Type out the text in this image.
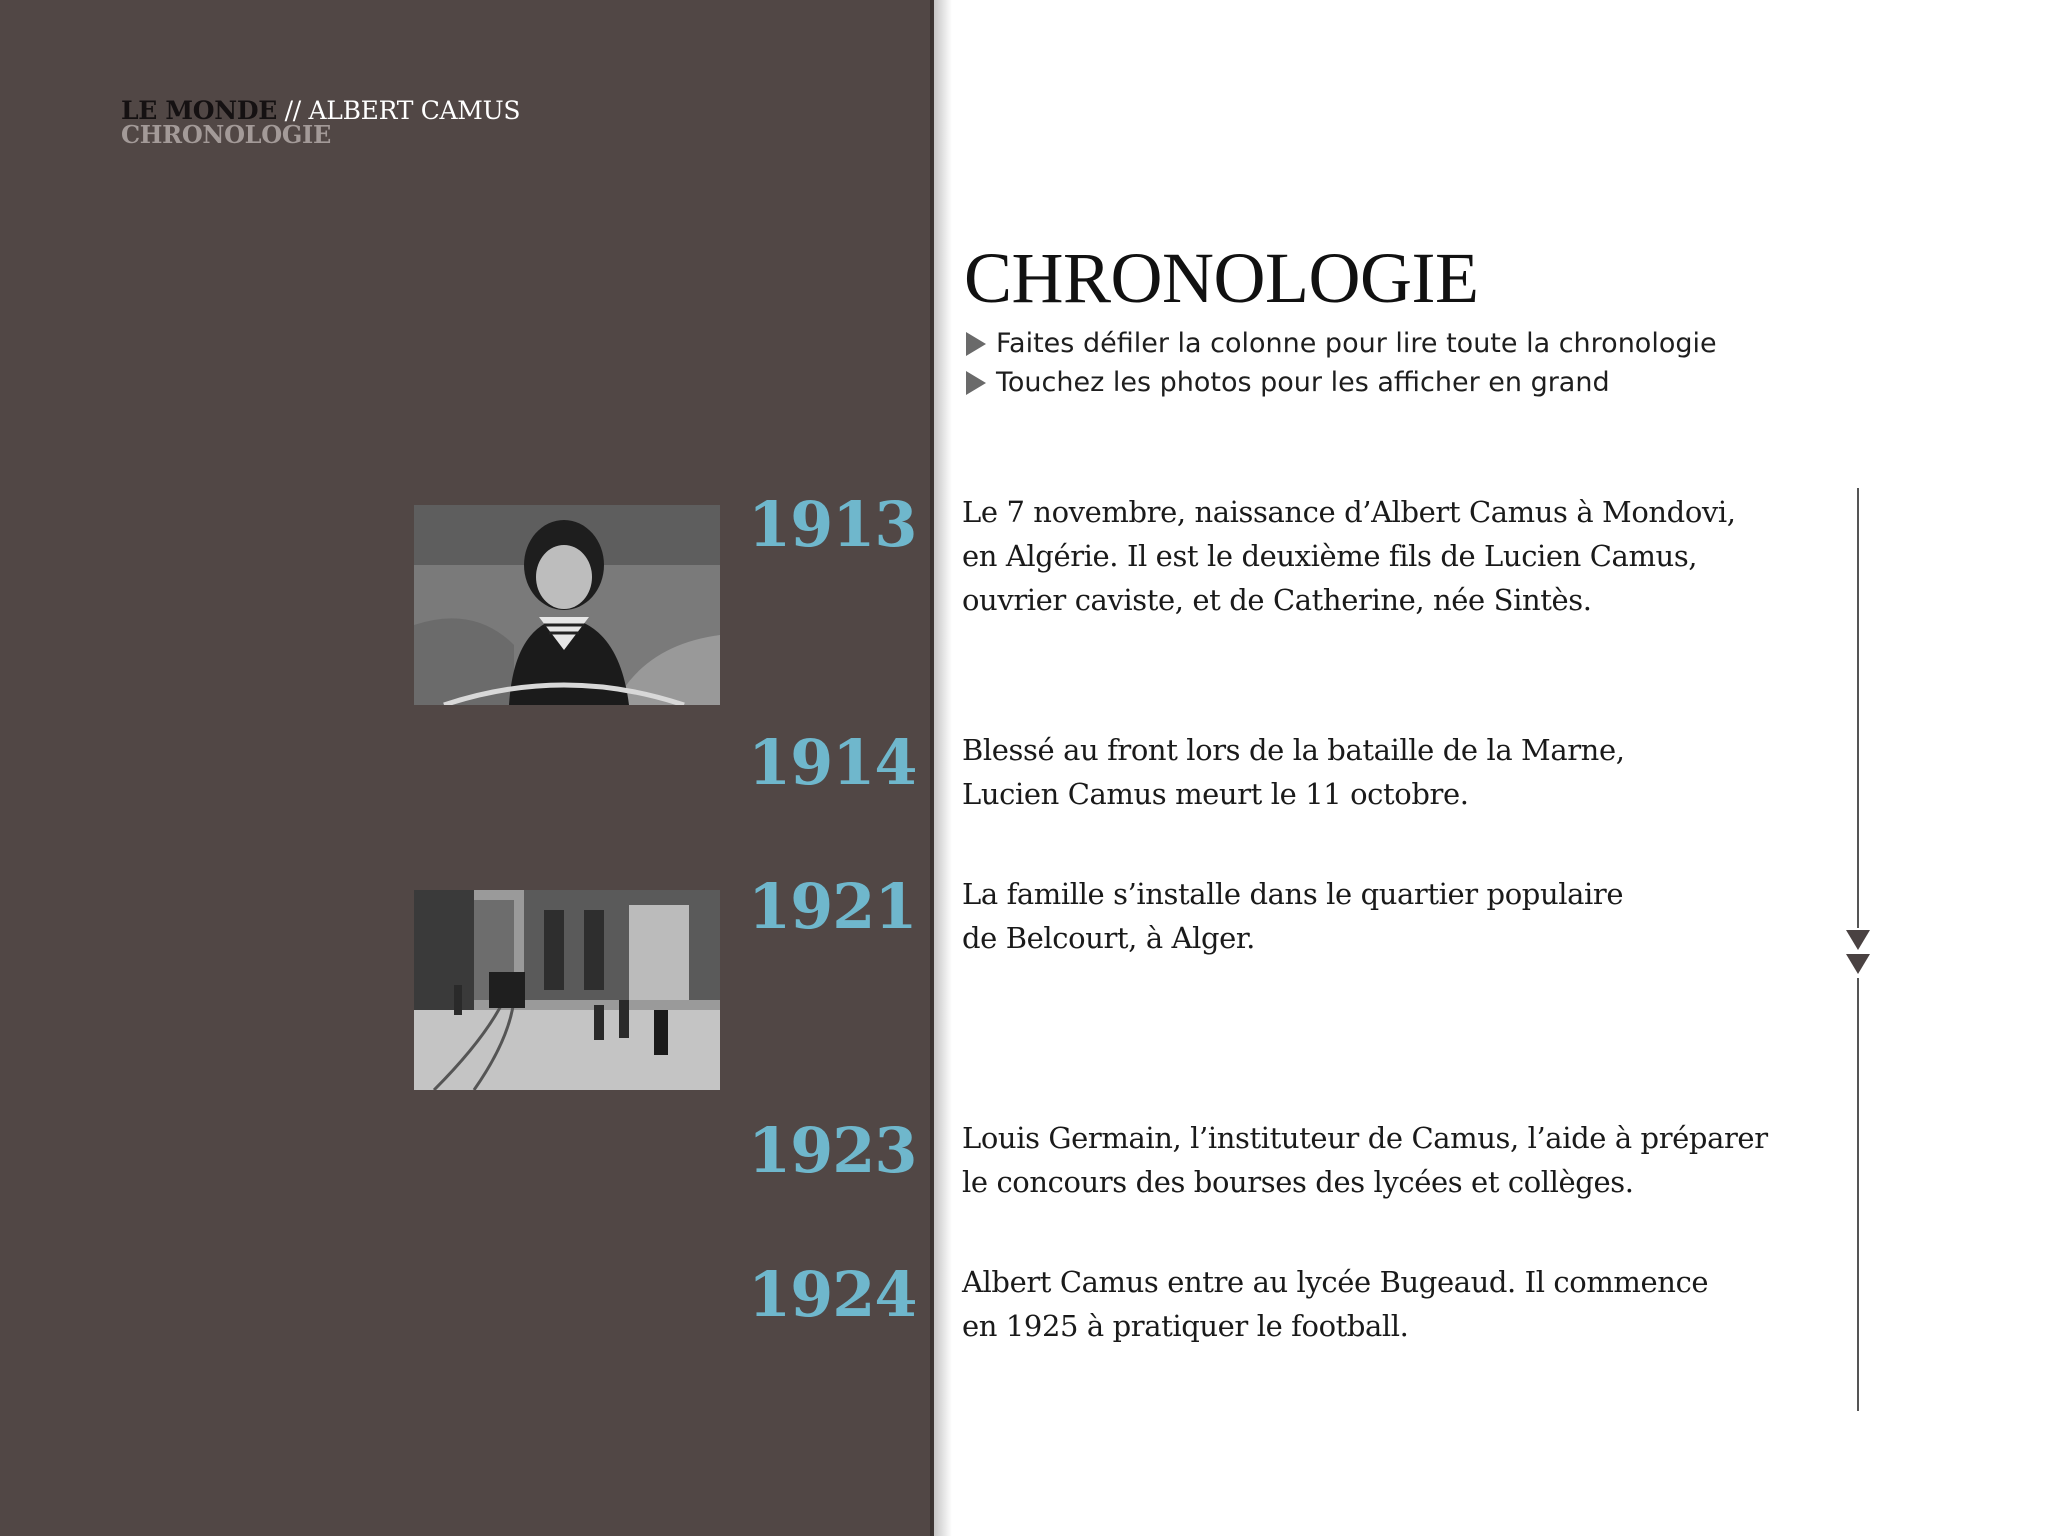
LE MONDE // ALBERT CAMUS
CHRONOLOGIE
CHRONOLOGIE
Faites défiler la colonne pour lire toute la chronologie
Touchez les photos pour les afficher en grand
1913 Le 7 novembre, naissance d’Albert Camus à Mondovi,
en Algérie. Il est le deuxième fils de Lucien Camus,
ouvrier caviste, et de Catherine, née Sintès.
1914 Blessé au front lors de la bataille de la Marne,
Lucien Camus meurt le 11 octobre.
1921 La famille s’installe dans le quartier populaire
de Belcourt, à Alger.
1923 Louis Germain, l’instituteur de Camus, l’aide à préparer
le concours des bourses des lycées et collèges.
1924 Albert Camus entre au lycée Bugeaud. Il commence
en 1925 à pratiquer le football.
